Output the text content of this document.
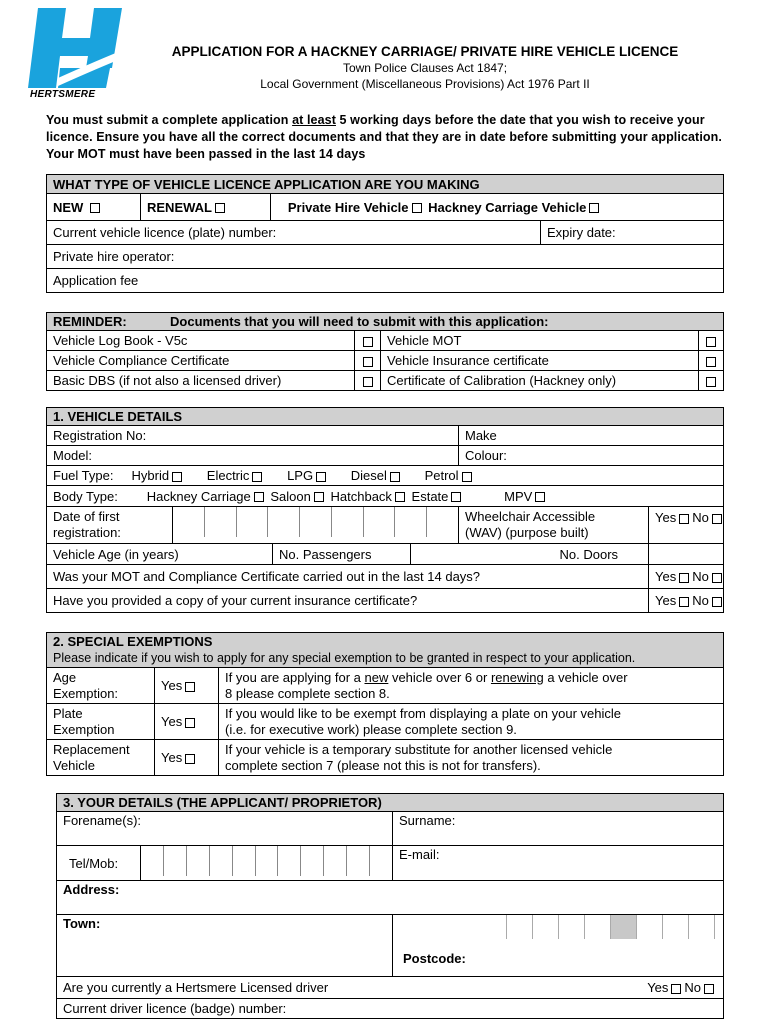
HERTSMERE
APPLICATION FOR A HACKNEY CARRIAGE/ PRIVATE HIRE VEHICLE LICENCE
Town Police Clauses Act 1847;
Local Government (Miscellaneous Provisions) Act 1976 Part II
You must submit a complete application at least 5 working days before the date that you wish to receive your licence. Ensure you have all the correct documents and that they are in date before submitting your application. Your MOT must have been passed in the last 14 days
WHAT TYPE OF VEHICLE LICENCE APPLICATION ARE YOU MAKING			
NEW	RENEWAL	Private Hire Vehicle Hackney Carriage Vehicle	
Current vehicle licence (plate) number:			Expiry date:
Private hire operator:			
Application fee			
REMINDER: Documents that you will need to submit with this application:			
Vehicle Log Book - V5c		Vehicle MOT	
Vehicle Compliance Certificate		Vehicle Insurance certificate	
Basic DBS (if not also a licensed driver)		Certificate of Calibration (Hackney only)	
1. VEHICLE DETAILS						
Registration No:				Make		
Model:				Colour:		
Fuel Type: Hybrid Electric LPG Diesel Petrol						
Body Type: Hackney Carriage Saloon Hatchback Estate MPV						
Date of first
registration:				Wheelchair Accessible
(WAV) (purpose built)		Yes No
Vehicle Age (in years)		No. Passengers			No. Doors	
Was your MOT and Compliance Certificate carried out in the last 14 days?						Yes No
Have you provided a copy of your current insurance certificate?						Yes No
2. SPECIAL EXEMPTIONS
Please indicate if you wish to apply for any special exemption to be granted in respect to your application.		
Age
Exemption:	Yes	If you are applying for a new vehicle over 6 or renewing a vehicle over
8 please complete section 8.
Plate
Exemption	Yes	If you would like to be exempt from displaying a plate on your vehicle
(i.e. for executive work) please complete section 9.
Replacement
Vehicle	Yes	If your vehicle is a temporary substitute for another licensed vehicle
complete section 7 (please not this is not for transfers).
3. YOUR DETAILS (THE APPLICANT/ PROPRIETOR)			
Forename(s):		Surname:	
Tel/Mob:		E-mail:	
Address:			
Town:		Postcode:	

Are you currently a Hertsmere Licensed driver			Yes No
Current driver licence (badge) number:			
